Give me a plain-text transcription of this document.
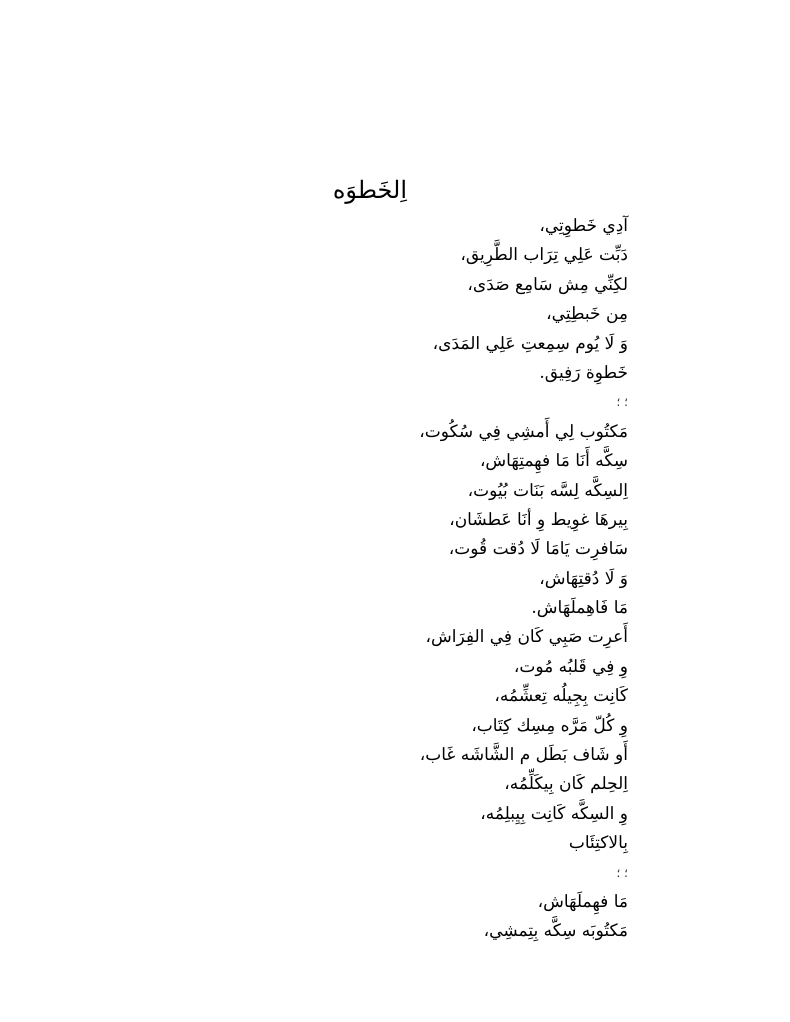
اِلخَطوَه
آدِي خَطوِتِي،
دَبِّت عَلِي تِرَاب الطَّرِيق،
لكِنِّي مِش سَامِع صَدَى،
مِن خَبطِتِي،
وَ لَا يُوم سِمِعتِ عَلِي المَدَى،
خَطوِة رَفِيق.
؛ ؛
مَكتُوب لِي أَمشِي فِي سُكُوت،
سِكَّه أَنَا مَا فهِمتِهَاش،
اِلسِكَّه لِسَّه بَنَات بُيُوت،
بِيرهَا غوِيط وِ أنَا عَطشَان،
سَافرِت يَامَا لَا دُقت قُوت،
وَ لَا دُقتِهَاش،
مَا فَاهِملَهَاش.
أَعرِت صَبِي كَان فِي الفِرَاش،
وِ فِي قَلبُه مُوت،
كَانِت بِجِيلُه تِعشِّمُه،
وِ كُلّ مَرَّه مِسِك كِتَاب،
أَو شَاف بَطَل م الشَّاشَه غَاب،
اِلحِلم كَان بِيكَلِّمُه،
وِ السِكَّه كَانِت بِيِبلِمُه،
بِالاكتِئَاب
؛ ؛
مَا فهِملَهَاش،
مَكتُوبَه سِكَّه بِتِمشِي،
